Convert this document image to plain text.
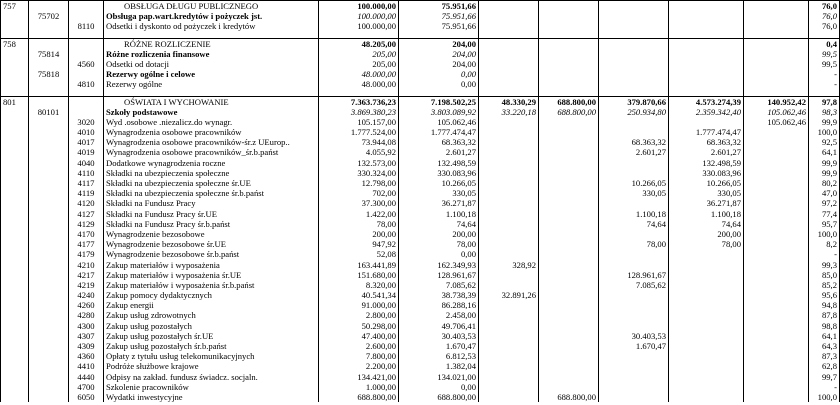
757			OBSŁUGA DŁUGU PUBLICZNEGO	100.000,00	75.951,66						76,0
	75702		Obsługa pap.wart.kredytów i pożyczek jst.	100.000,00	75.951,66						76,0
		8110	Odsetki i dyskonto od pożyczek i kredytów	100.000,00	75.951,66						76,0

758			RÓŻNE ROZLICZENIE	48.205,00	204,00						0,4
	75814		Różne rozliczenia finansowe	205,00	204,00						99,5
		4560	Odsetki od dotacji	205,00	204,00						99,5
	75818		Rezerwy ogólne i celowe	48.000,00	0,00						-
		4810	Rezerwy ogólne	48.000,00	0,00						-

801			OŚWIATA I WYCHOWANIE	7.363.736,23	7.198.502,25	48.330,29	688.800,00	379.870,66	4.573.274,39	140.952,42	97,8
	80101		Szkoły podstawowe	3.869.380,23	3.803.089,92	33.220,18	688.800,00	250.934,80	2.359.342,40	105.062,46	98,3
		3020	Wyd .osobowe .niezalicz.do wynagr.	105.157,00	105.062,46					105.062,46	99,9
		4010	Wynagrodzenia osobowe pracowników	1.777.524,00	1.777.474,47				1.777.474,47		100,0
		4017	Wynagrodzenia osobowe pracowników-śr.z UEurop..	73.944,08	68.363,32			68.363,32	68.363,32		92,5
		4019	Wynagrodzenia osobowe pracowników_śr.b.państ	4.055,92	2.601,27			2.601,27	2.601,27		64,1
		4040	Dodatkowe wynagrodzenia roczne	132.573,00	132.498,59				132.498,59		99,9
		4110	Składki na ubezpieczenia społeczne	330.324,00	330.083,96				330.083,96		99,9
		4117	Składki na ubezpieczenia społeczne śr.UE	12.798,00	10.266,05			10.266,05	10.266,05		80,2
		4119	Składki na ubezpieczenia społeczne śr.b.państ	702,00	330,05			330,05	330,05		47,0
		4120	Składki na Fundusz Pracy	37.300,00	36.271,87				36.271,87		97,2
		4127	Składki na Fundusz Pracy śr.UE	1.422,00	1.100,18			1.100,18	1.100,18		77,4
		4129	Składki na Fundusz Pracy śr.b.państ	78,00	74,64			74,64	74,64		95,7
		4170	Wynagrodzenie bezosobowe	200,00	200,00				200,00		100,0
		4177	Wynagrodzenie bezosobowe śr.UE	947,92	78,00			78,00	78,00		8,2
		4179	Wynagrodzenie bezosobowe śr.b.państ	52,08	0,00						-
		4210	Zakup materiałów i wyposażenia	163.441,89	162.349,93	328,92					99,3
		4217	Zakup materiałów i wyposażenia śr.UE	151.680,00	128.961,67			128.961,67			85,0
		4219	Zakup materiałów i wyposażenia śr.b.państ	8.320,00	7.085,62			7.085,62			85,2
		4240	Zakup pomocy dydaktycznych	40.541,34	38.738,39	32.891,26					95,6
		4260	Zakup energii	91.000,00	86.288,16						94,8
		4280	Zakup usług zdrowotnych	2.800,00	2.458,00						87,8
		4300	Zakup usług pozostałych	50.298,00	49.706,41						98,8
		4307	Zakup usług pozostałych śr.UE	47.400,00	30.403,53			30.403,53			64,1
		4309	Zakup usług pozostałych śr.b.państ	2.600,00	1.670,47			1.670,47			64,3
		4360	Opłaty z tytułu usług telekomunikacyjnych	7.800,00	6.812,53						87,3
		4410	Podróże służbowe krajowe	2.200,00	1.382,04						62,8
		4440	Odpisy na zakład. fundusz świadcz. socjaln.	134.421,00	134.021,00						99,7
		4700	Szkolenie pracowników	1.000,00	0,00						-
		6050	Wydatki inwestycyjne	688.800,00	688.800,00		688.800,00				100,0
